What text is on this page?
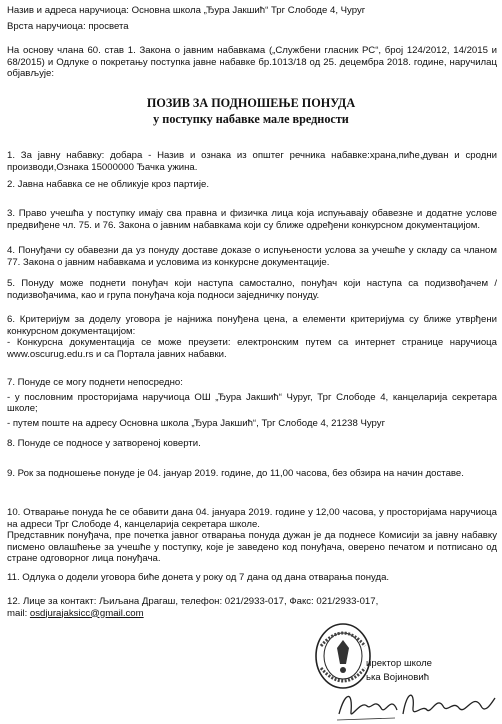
Назив и адреса наручиоца: Основна школа „Ђура Јакшић“ Трг Слободе 4, Чуруг
Врста наручиоца: просвета
На основу члана 60. став 1. Закона о јавним набавкама („Службени гласник РС“, број 124/2012, 14/2015 и 68/2015) и Одлуке о покретању поступка јавне набавке бр.1013/18 од 25. децембра 2018. године, наручилац објављује:
ПОЗИВ ЗА ПОДНОШЕЊЕ ПОНУДА
у поступку набавке мале вредности

1. За јавну набавку: добара - Назив и ознака из општег речника набавке:храна,пиће,дуван и сродни производи,Ознака 15000000 Ђачка ужина.

2. Јавна набавка се не обликује кроз партије.

3. Право учешћа у поступку имају сва правна и физичка лица која испуњавају обавезне и додатне услове предвиђене чл. 75. и 76. Закона о јавним набавкама који су ближе одређени конкурсном документацијом.

4. Понуђачи су обавезни да уз понуду доставе доказе о испуњености услова за учешће у складу са чланом 77. Закона о јавним набавкама и условима из конкурсне документације.

5. Понуду може поднети понуђач који наступа самостално, понуђач који наступа са подизвођачем / подизвођачима, као и група понуђача која подноси заједничку понуду.

6. Критеријум за доделу уговора је најнижа понуђена цена, а елементи критеријума су ближе утврђени конкурсном документацијом:

- Конкурсна документација се може преузети: електронским путем са интернет странице наручиоца www.oscurug.edu.rs и са Портала јавних набавки.

7. Понуде се могу поднети непосредно:

- у пословним просторијама наручиоца ОШ „Ђура Јакшић“ Чуруг, Трг Слободе 4, канцеларија секретара школе;

- путем поште на адресу Основна школа „Ђура Јакшић“, Трг Слободе 4, 21238 Чуруг

8. Понуде се подносе у затвореној коверти.

9. Рок за подношење понуде је 04. јануар 2019. године, до 11,00 часова, без обзира на начин доставе.

10. Отварање понуда ће се обавити дана 04. јануара 2019. године у 12,00 часова, у просторијама наручиоца на адреси Трг Слободе 4, канцеларија секретара школе.

Представник понуђача, пре почетка јавног отварања понуда дужан је да поднесе Комисији за јавну набавку писмено овлашћење за учешће у поступку, које је заведено код понуђача, оверено печатом и потписано од стране одговорног лица понуђача.

11. Одлука о додели уговора биће донета у року од 7 дана од дана отварања понуда.

12. Лице за контакт: Љиљана Драгаш, телефон: 021/2933-017, Факс: 021/2933-017,

mail: osdjurajaksicc@gmail.com

иректор школе
ька Војиновић
